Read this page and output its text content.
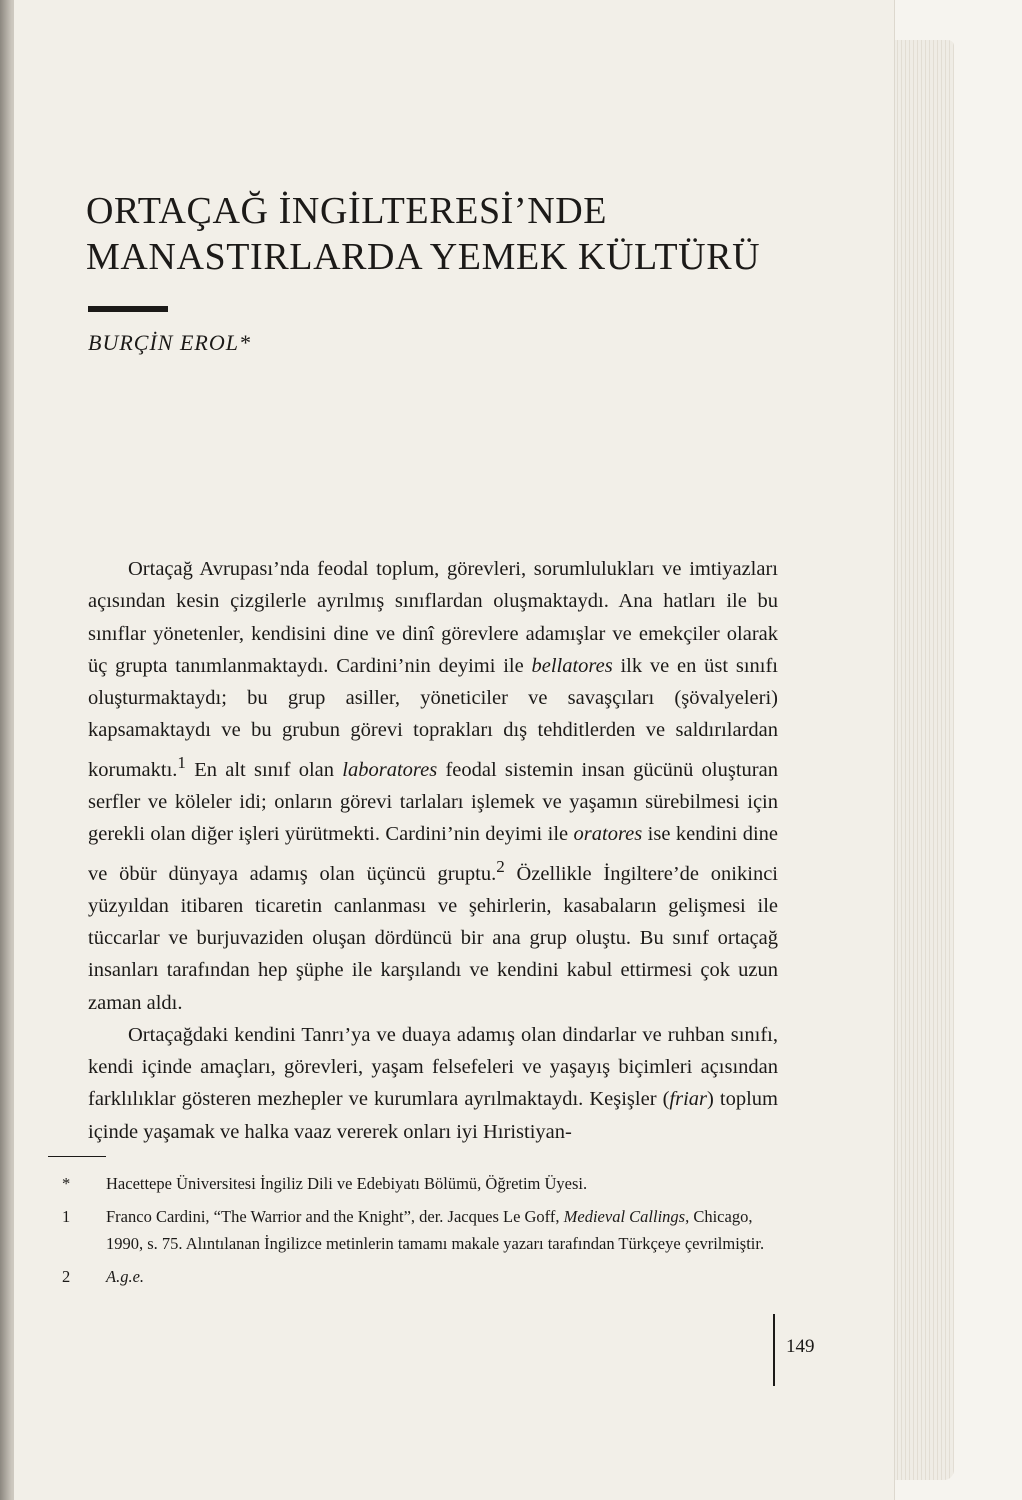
ORTAÇAĞ İNGİLTERESİ’NDE
MANASTIRLARDA YEMEK KÜLTÜRÜ

BURÇİN EROL*

Ortaçağ Avrupası’nda feodal toplum, görevleri, sorumlulukları ve imtiyazları açısından kesin çizgilerle ayrılmış sınıflardan oluşmaktaydı. Ana hatları ile bu sınıflar yönetenler, kendisini dine ve dinî görevlere adamışlar ve emekçiler olarak üç grupta tanımlanmaktaydı. Cardini’nin deyimi ile bellatores ilk ve en üst sınıfı oluşturmaktaydı; bu grup asiller, yöneticiler ve savaşçıları (şövalyeleri) kapsamaktaydı ve bu grubun görevi toprakları dış tehditlerden ve saldırılardan korumaktı.$^1$ En alt sınıf olan laboratores feodal sistemin insan gücünü oluşturan serfler ve köleler idi; onların görevi tarlaları işlemek ve yaşamın sürebilmesi için gerekli olan diğer işleri yürütmekti. Cardini’nin deyimi ile oratores ise kendini dine ve öbür dünyaya adamış olan üçüncü gruptu.$^2$ Özellikle İngiltere’de onikinci yüzyıldan itibaren ticaretin canlanması ve şehirlerin, kasabaların gelişmesi ile tüccarlar ve burjuvaziden oluşan dördüncü bir ana grup oluştu. Bu sınıf ortaçağ insanları tarafından hep şüphe ile karşılandı ve kendini kabul ettirmesi çok uzun zaman aldı.

Ortaçağdaki kendini Tanrı’ya ve duaya adamış olan dindarlar ve ruhban sınıfı, kendi içinde amaçları, görevleri, yaşam felsefeleri ve yaşayış biçimleri açısından farklılıklar gösteren mezhepler ve kurumlara ayrılmaktaydı. Keşişler (friar) toplum içinde yaşamak ve halka vaaz vererek onları iyi Hıristiyan-

*	Hacettepe Üniversitesi İngiliz Dili ve Edebiyatı Bölümü, Öğretim Üyesi.
1	Franco Cardini, “The Warrior and the Knight”, der. Jacques Le Goff, Medieval Callings, Chicago, 1990, s. 75. Alıntılanan İngilizce metinlerin tamamı makale yazarı tarafından Türkçeye çevrilmiştir.
2	A.g.e.
149
